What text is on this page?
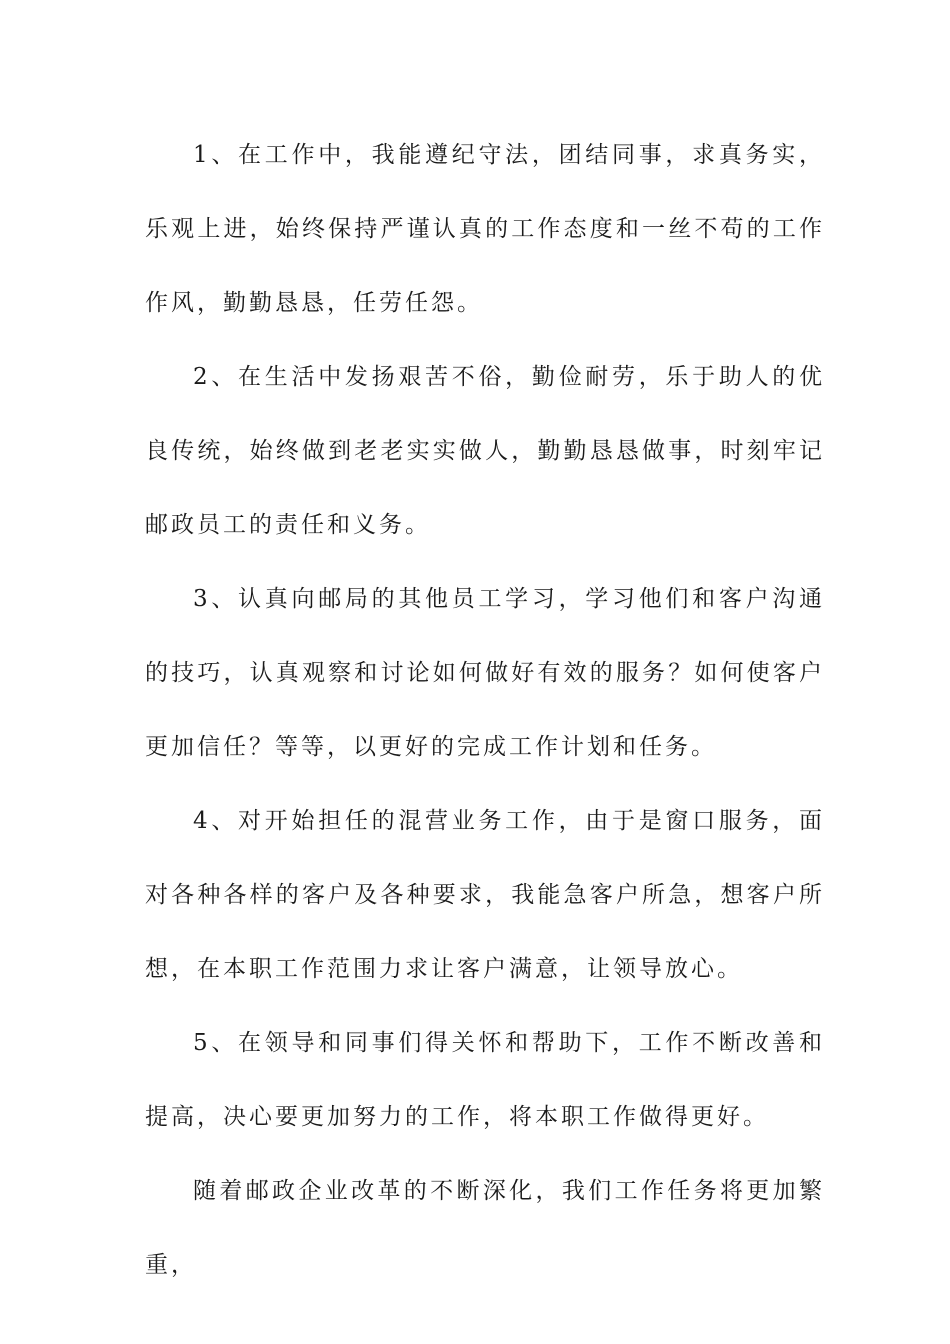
1、在工作中，我能遵纪守法，团结同事，求真务实，乐观上进，始终保持严谨认真的工作态度和一丝不苟的工作作风，勤勤恳恳，任劳任怨。

2、在生活中发扬艰苦不俗，勤俭耐劳，乐于助人的优良传统，始终做到老老实实做人，勤勤恳恳做事，时刻牢记邮政员工的责任和义务。

3、认真向邮局的其他员工学习，学习他们和客户沟通的技巧，认真观察和讨论如何做好有效的服务？如何使客户更加信任？等等，以更好的完成工作计划和任务。

4、对开始担任的混营业务工作，由于是窗口服务，面对各种各样的客户及各种要求，我能急客户所急，想客户所想，在本职工作范围力求让客户满意，让领导放心。

5、在领导和同事们得关怀和帮助下，工作不断改善和提高，决心要更加努力的工作，将本职工作做得更好。

随着邮政企业改革的不断深化，我们工作任务将更加繁重，
